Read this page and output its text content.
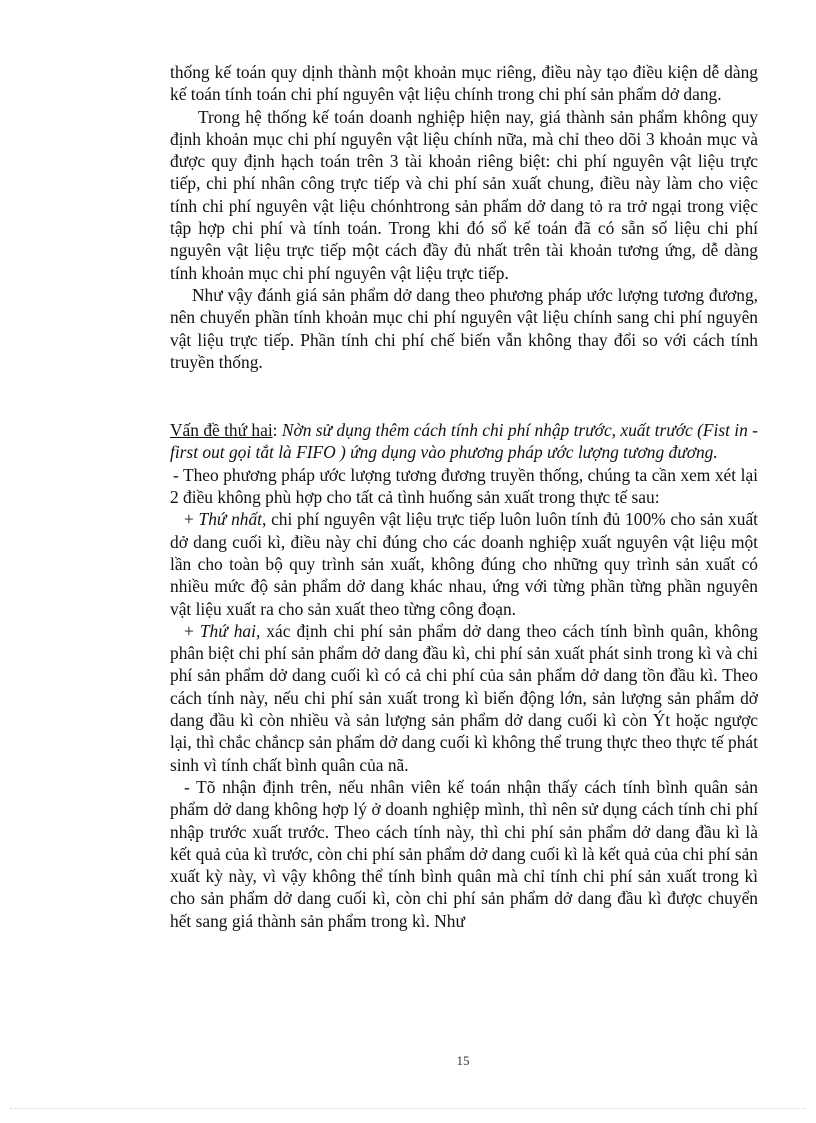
thống kế toán quy dịnh thành một khoản mục riêng, điều này tạo điều kiện dễ dàng kế toán tính toán chi phí nguyên vật liệu chính trong chi phí sản phẩm dở dang.

Trong hệ thống kế toán doanh nghiệp hiện nay, giá thành sản phẩm không quy định khoản mục chi phí nguyên vật liệu chính nữa, mà chỉ theo dõi 3 khoản mục và được quy định hạch toán trên 3 tài khoản riêng biệt: chi phí nguyên vật liệu trực tiếp, chi phí nhân công trực tiếp và chi phí sản xuất chung, điều này làm cho việc tính chi phí nguyên vật liệu chónhtrong sản phẩm dở dang tỏ ra trở ngại trong việc tập hợp chi phí và tính toán. Trong khi đó sổ kế toán đã có sẵn số liệu chi phí nguyên vật liệu trực tiếp một cách đầy đủ nhất trên tài khoản tương ứng, dễ dàng tính khoản mục chi phí nguyên vật liệu trực tiếp.

Như vậy đánh giá sản phẩm dở dang theo phương pháp ước lượng tương đương, nên chuyển phần tính khoản mục chi phí nguyên vật liệu chính sang chi phí nguyên vật liệu trực tiếp. Phần tính chi phí chế biến vẫn không thay đổi so với cách tính truyền thống.

Vấn đề thứ hai: Nờn sử dụng thêm cách tính chi phí nhập trước, xuất trước (Fist in - first out gọi tắt là FIFO ) ứng dụng vào phương pháp ước lượng tương đương.

- Theo phương pháp ước lượng tương đương truyền thống, chúng ta cần xem xét lại 2 điều không phù hợp cho tất cả tình huống sản xuất trong thực tế sau:

+ Thứ nhất, chi phí nguyên vật liệu trực tiếp luôn luôn tính đủ 100% cho sản xuất dở dang cuối kì, điều này chỉ đúng cho các doanh nghiệp xuất nguyên vật liệu một lần cho toàn bộ quy trình sản xuất, không đúng cho những quy trình sản xuất có nhiều mức độ sản phẩm dở dang khác nhau, ứng với từng phần từng phần nguyên vật liệu xuất ra cho sản xuất theo từng công đoạn.

+ Thứ hai, xác định chi phí sản phẩm dở dang theo cách tính bình quân, không phân biệt chi phí sản phẩm dở dang đầu kì, chi phí sản xuất phát sinh trong kì và chi phí sản phẩm dở dang cuối kì có cả chi phí của sản phẩm dở dang tồn đầu kì. Theo cách tính này, nếu chi phí sản xuất trong kì biến động lớn, sản lượng sản phẩm dở dang đầu kì còn nhiều và sản lượng sản phẩm dở dang cuối kì còn Ýt hoặc ngược lại, thì chắc chắncp sản phẩm dở dang cuối kì không thể trung thực theo thực tế phát sinh vì tính chất bình quân của nã.

- Tõ nhận định trên, nếu nhân viên kế toán nhận thấy cách tính bình quân sản phẩm dở dang không hợp lý ở doanh nghiệp mình, thì nên sử dụng cách tính chi phí nhập trước xuất trước. Theo cách tính này, thì chi phí sản phẩm dở dang đầu kì là kết quả của kì trước, còn chi phí sản phẩm dở dang cuối kì là kết quả của chi phí sản xuất kỳ này, vì vậy không thể tính bình quân mà chỉ tính chi phí sản xuất trong kì cho sản phẩm dở dang cuối kì, còn chi phí sản phẩm dở dang đầu kì được chuyển hết sang giá thành sản phẩm trong kì. Như

15
